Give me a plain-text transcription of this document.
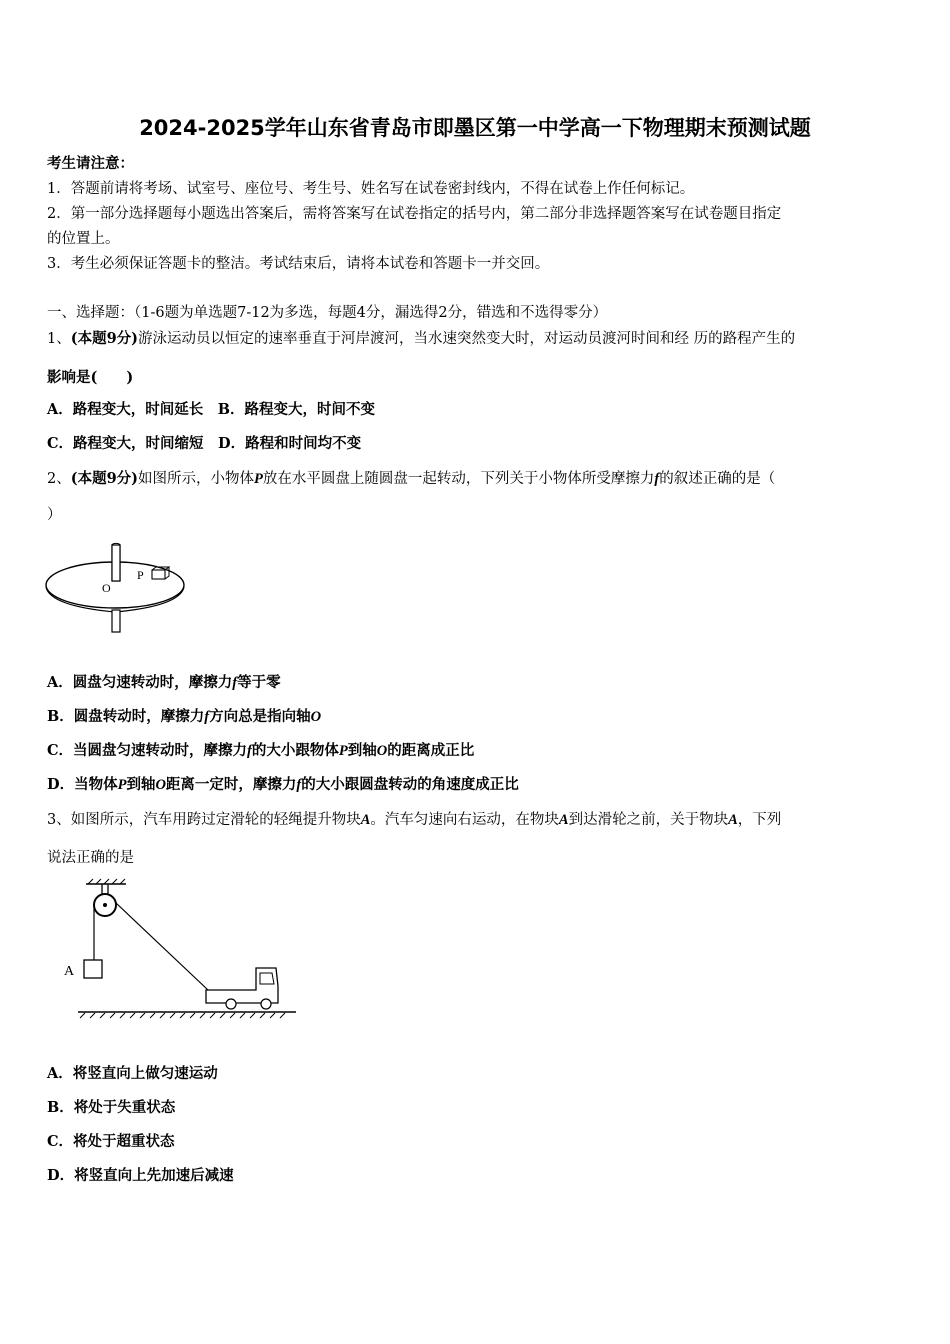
2024-2025学年山东省青岛市即墨区第一中学高一下物理期末预测试题
考生请注意：
1．答题前请将考场、试室号、座位号、考生号、姓名写在试卷密封线内，不得在试卷上作任何标记。
2．第一部分选择题每小题选出答案后，需将答案写在试卷指定的括号内，第二部分非选择题答案写在试卷题目指定
的位置上。
3．考生必须保证答题卡的整洁。考试结束后，请将本试卷和答题卡一并交回。
一、选择题：（1-6题为单选题7-12为多选，每题4分，漏选得2分，错选和不选得零分）
1、(本题9分)游泳运动员以恒定的速率垂直于河岸渡河，当水速突然变大时，对运动员渡河时间和经 历的路程产生的
影响是(　　)
A．路程变大，时间延长　B．路程变大，时间不变
C．路程变大，时间缩短　D．路程和时间均不变
2、(本题9分)如图所示，小物体P放在水平圆盘上随圆盘一起转动，下列关于小物体所受摩擦力f的叙述正确的是（
）
P
O
A．圆盘匀速转动时，摩擦力f等于零
B．圆盘转动时，摩擦力f方向总是指向轴O
C．当圆盘匀速转动时，摩擦力f的大小跟物体P到轴O的距离成正比
D．当物体P到轴O距离一定时，摩擦力f的大小跟圆盘转动的角速度成正比
3、如图所示，汽车用跨过定滑轮的轻绳提升物块A。汽车匀速向右运动，在物块A到达滑轮之前，关于物块A，下列
说法正确的是
A
A．将竖直向上做匀速运动
B．将处于失重状态
C．将处于超重状态
D．将竖直向上先加速后减速
